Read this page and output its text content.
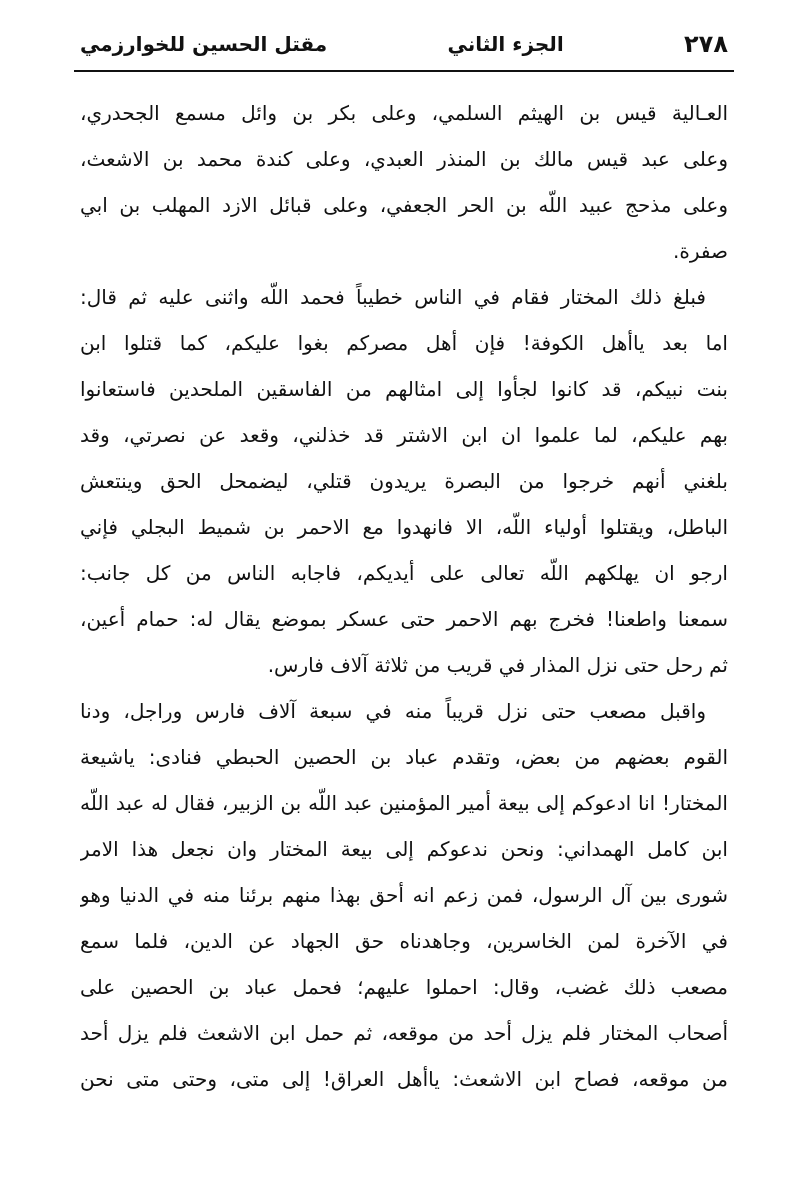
مقتل الحسين للخوارزمي	الجزء الثاني	٢٧٨
العـالية قيس بن الهيثم السلمي، وعلى بكر بن وائل مسمع الجحدري،
وعلى عبد قيس مالك بن المنذر العبدي، وعلى كندة محمد بن الاشعث،
وعلى مذحج عبيد اللّه بن الحر الجعفي، وعلى قبائل الازد المهلب بن ابي
صفرة.
فبلغ ذلك المختار فقام في الناس خطيباً فحمد اللّه واثنى عليه ثم قال:
اما بعد ياأهل الكوفة! فإن أهل مصركم بغوا عليكم، كما قتلوا ابن
بنت نبيكم، قد كانوا لجأوا إلى امثالهم من الفاسقين الملحدين فاستعانوا
بهم عليكم، لما علموا ان ابن الاشتر قد خذلني، وقعد عن نصرتي، وقد
بلغني أنهم خرجوا من البصرة يريدون قتلي، ليضمحل الحق وينتعش
الباطل، ويقتلوا أولياء اللّه، الا فانهدوا مع الاحمر بن شميط البجلي فإني
ارجو ان يهلكهم اللّه تعالى على أيديكم، فاجابه الناس من كل جانب:
سمعنا واطعنا! فخرج بهم الاحمر حتى عسكر بموضع يقال له: حمام أعين،
ثم رحل حتى نزل المذار في قريب من ثلاثة آلاف فارس.
واقبل مصعب حتى نزل قريباً منه في سبعة آلاف فارس وراجل، ودنا
القوم بعضهم من بعض، وتقدم عباد بن الحصين الحبطي فنادى: ياشيعة
المختار! انا ادعوكم إلى بيعة أمير المؤمنين عبد اللّه بن الزبير، فقال له عبد اللّه
ابن كامل الهمداني: ونحن ندعوكم إلى بيعة المختار وان نجعل هذا الامر
شورى بين آل الرسول، فمن زعم انه أحق بهذا منهم برئنا منه في الدنيا وهو
في الآخرة لمن الخاسرين، وجاهدناه حق الجهاد عن الدين، فلما سمع
مصعب ذلك غضب، وقال: احملوا عليهم؛ فحمل عباد بن الحصين على
أصحاب المختار فلم يزل أحد من موقعه، ثم حمل ابن الاشعث فلم يزل أحد
من موقعه، فصاح ابن الاشعث: ياأهل العراق! إلى متى، وحتى متى نحن
